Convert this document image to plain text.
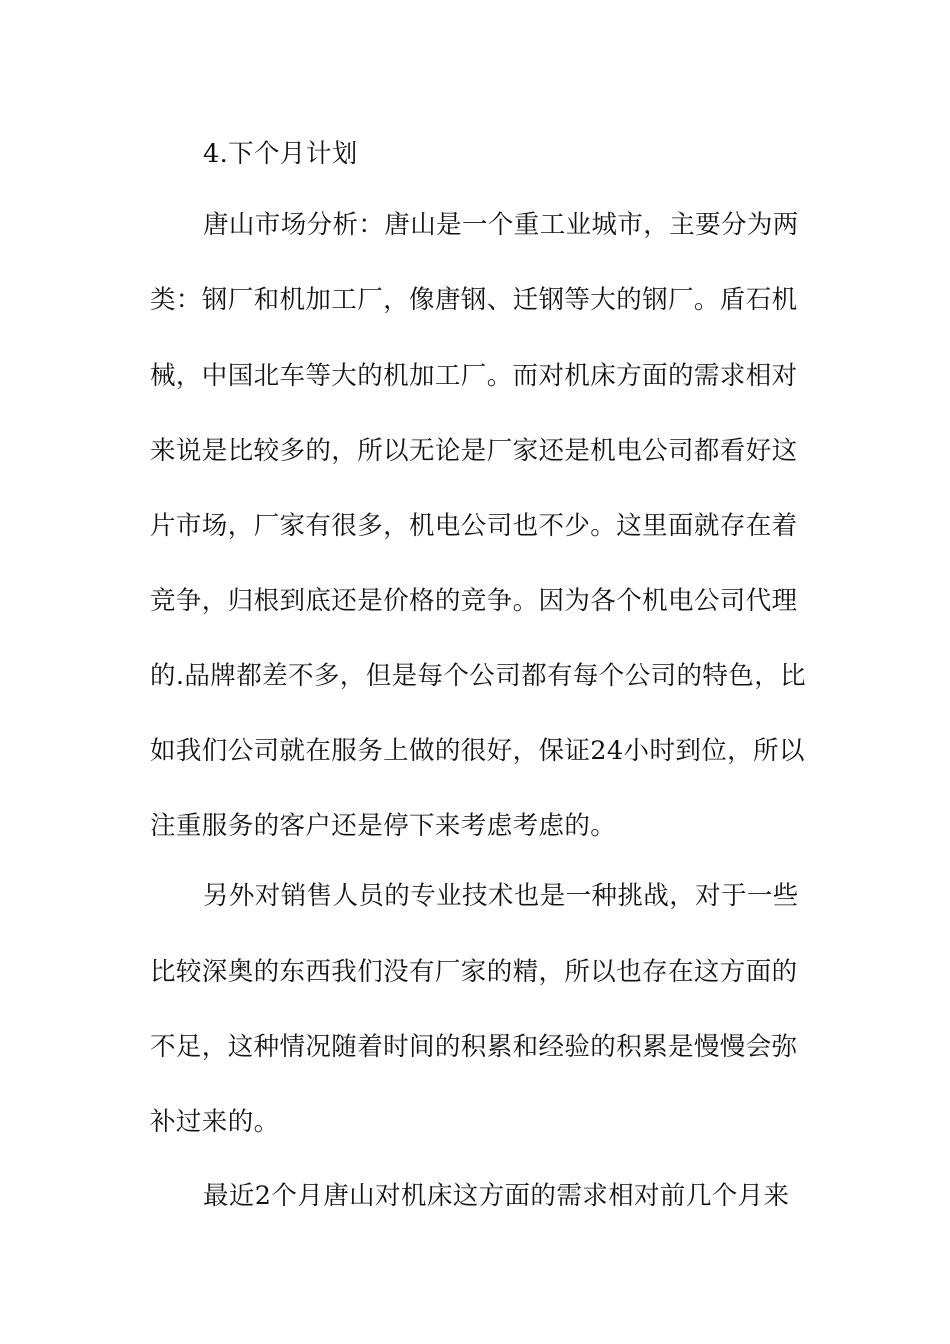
4.下个月计划

唐山市场分析：唐山是一个重工业城市，主要分为两

类：钢厂和机加工厂，像唐钢、迁钢等大的钢厂。盾石机

械，中国北车等大的机加工厂。而对机床方面的需求相对

来说是比较多的，所以无论是厂家还是机电公司都看好这

片市场，厂家有很多，机电公司也不少。这里面就存在着

竞争，归根到底还是价格的竞争。因为各个机电公司代理

的.品牌都差不多，但是每个公司都有每个公司的特色，比

如我们公司就在服务上做的很好，保证24小时到位，所以

注重服务的客户还是停下来考虑考虑的。

另外对销售人员的专业技术也是一种挑战，对于一些

比较深奥的东西我们没有厂家的精，所以也存在这方面的

不足，这种情况随着时间的积累和经验的积累是慢慢会弥

补过来的。

最近2个月唐山对机床这方面的需求相对前几个月来
